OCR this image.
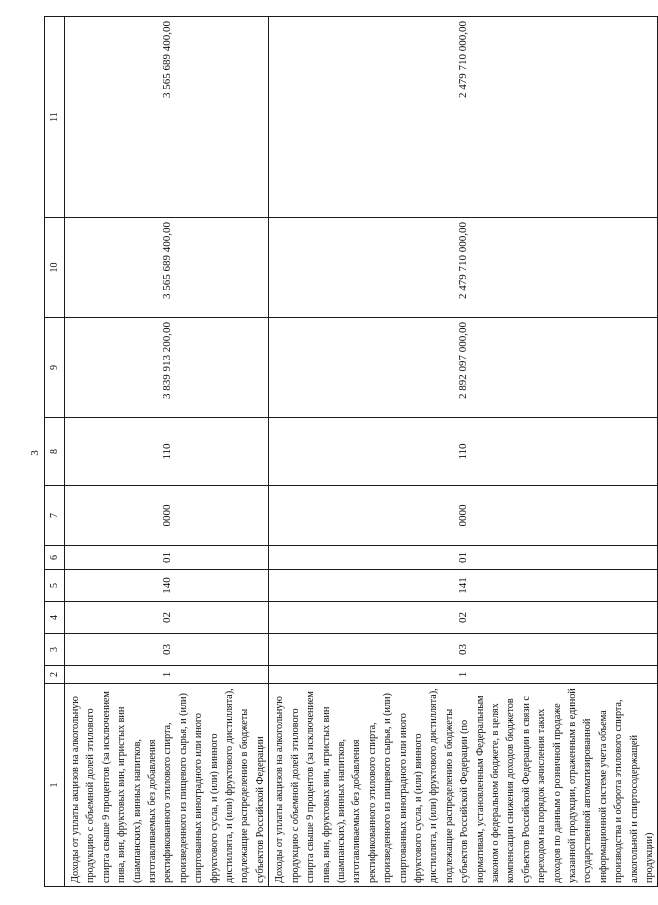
3
1	2	3	4	5	6	7	8	9	10	11
Доходы от уплаты акцизов на алкогольную продукцию с объемной долей этилового спирта свыше 9 процентов (за исключением пива, вин, фруктовых вин, игристых вин (шампанских), винных напитков, изготавливаемых без добавления ректификованного этилового спирта, произведенного из пищевого сырья, и (или) спиртованных виноградного или иного фруктового сусла, и (или) винного дистиллята, и (или) фруктового дистиллята), подлежащие распределению в бюджеты субъектов Российской Федерации	1	03	02	140	01	0000	110	3 839 913 200,00	3 565 689 400,00	3 565 689 400,00
Доходы от уплаты акцизов на алкогольную продукцию с объемной долей этилового спирта свыше 9 процентов (за исключением пива, вин, фруктовых вин, игристых вин (шампанских), винных напитков, изготавливаемых без добавления ректификованного этилового спирта, произведенного из пищевого сырья, и (или) спиртованных виноградного или иного фруктового сусла, и (или) винного дистиллята, и (или) фруктового дистиллята), подлежащие распределению в бюджеты субъектов Российской Федерации (по нормативам, установленным Федеральным законом о федеральном бюджете, в целях компенсации снижения доходов бюджетов субъектов Российской Федерации в связи с переходом на порядок зачисления таких доходов по данным о розничной продаже указанной продукции, отраженным в единой государственной автоматизированной информационной системе учета объема производства и оборота этилового спирта, алкогольной и спиртосодержащей продукции)	1	03	02	141	01	0000	110	2 892 097 000,00	2 479 710 000,00	2 479 710 000,00
